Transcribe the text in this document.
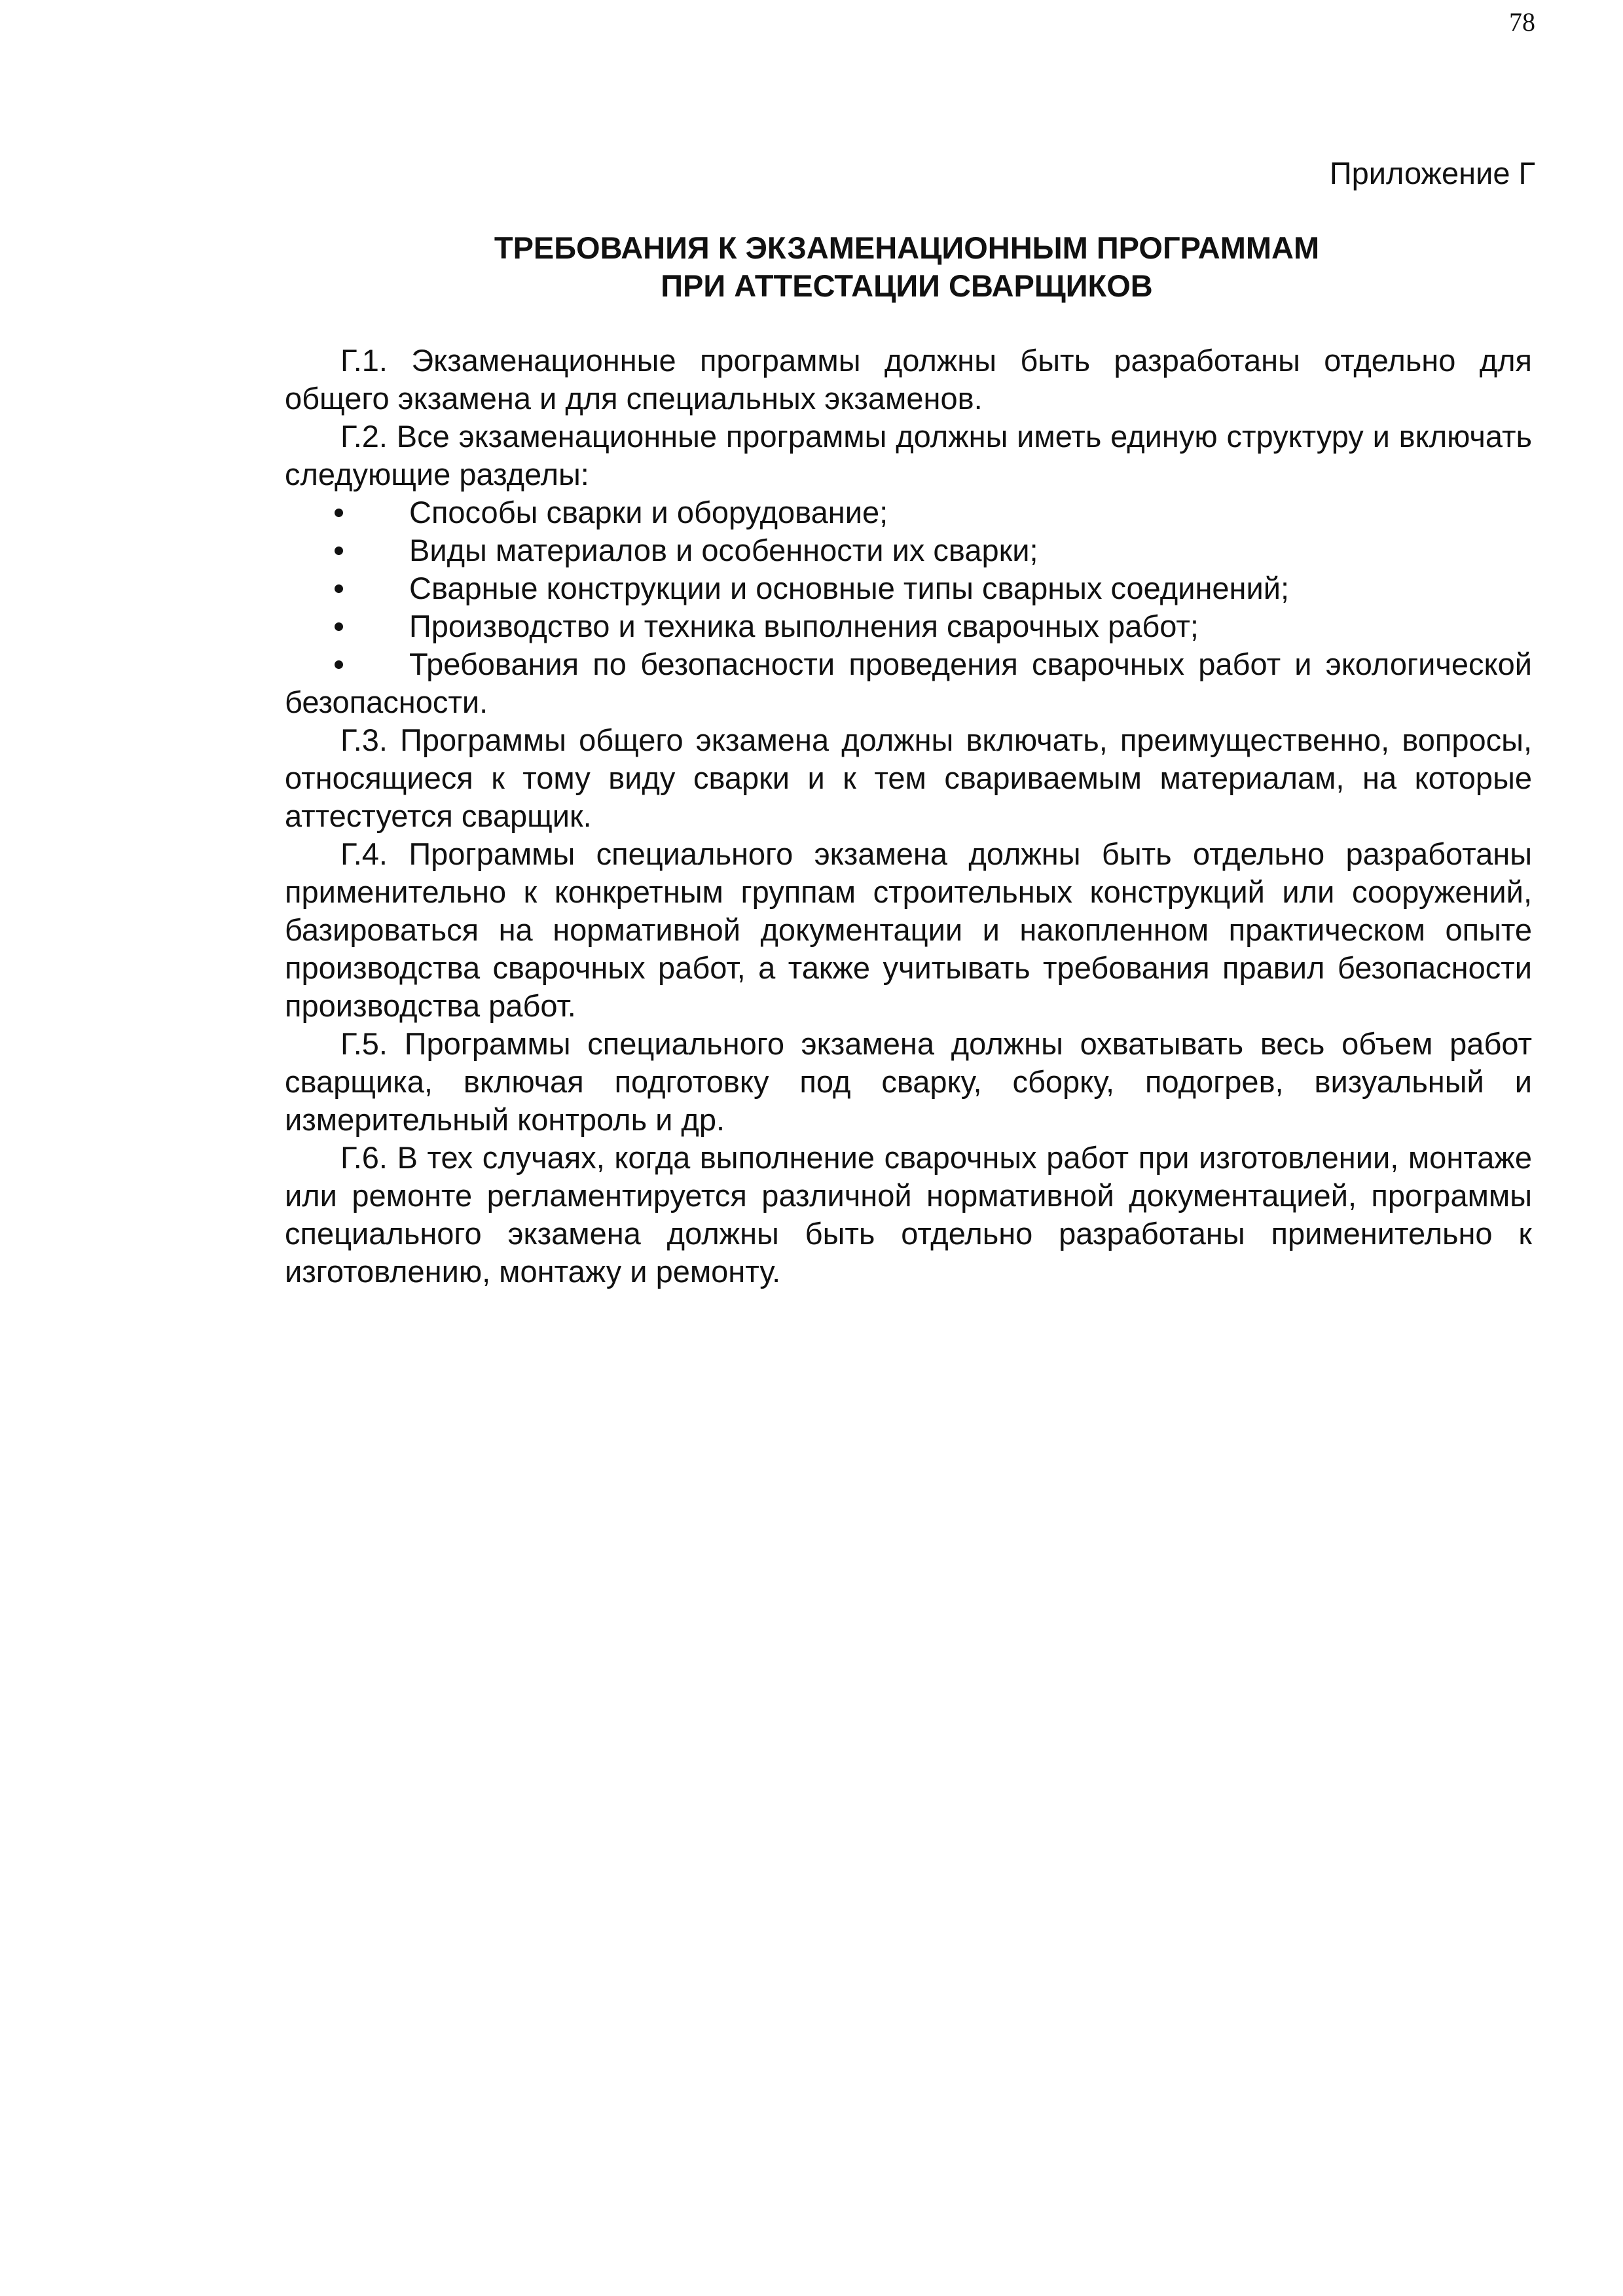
78
Приложение Г
ТРЕБОВАНИЯ К ЭКЗАМЕНАЦИОННЫМ ПРОГРАММАМ
ПРИ АТТЕСТАЦИИ СВАРЩИКОВ

Г.1. Экзаменационные программы должны быть разработаны отдельно для общего экзамена и для специальных экзаменов.

Г.2. Все экзаменационные программы должны иметь единую структуру и включать следующие разделы:

Способы сварки и оборудование;
Виды материалов и особенности их сварки;
Сварные конструкции и основные типы сварных соединений;
Производство и техника выполнения сварочных работ;
Требования по безопасности проведения сварочных работ и экологической безопасности.

Г.3. Программы общего экзамена должны включать, преимущественно, вопросы, относящиеся к тому виду сварки и к тем свариваемым материалам, на которые аттестуется сварщик.

Г.4. Программы специального экзамена должны быть отдельно разработаны применительно к конкретным группам строительных конструкций или сооружений, базироваться на нормативной документации и накопленном практическом опыте производства сварочных работ, а также учитывать требования правил безопасности производства работ.

Г.5. Программы специального экзамена должны охватывать весь объем работ сварщика, включая подготовку под сварку, сборку, подогрев, визуальный и измерительный контроль и др.

Г.6. В тех случаях, когда выполнение сварочных работ при изготовлении, монтаже или ремонте регламентируется различной нормативной документацией, программы специального экзамена должны быть отдельно разработаны применительно к изготовлению, монтажу и ремонту.
